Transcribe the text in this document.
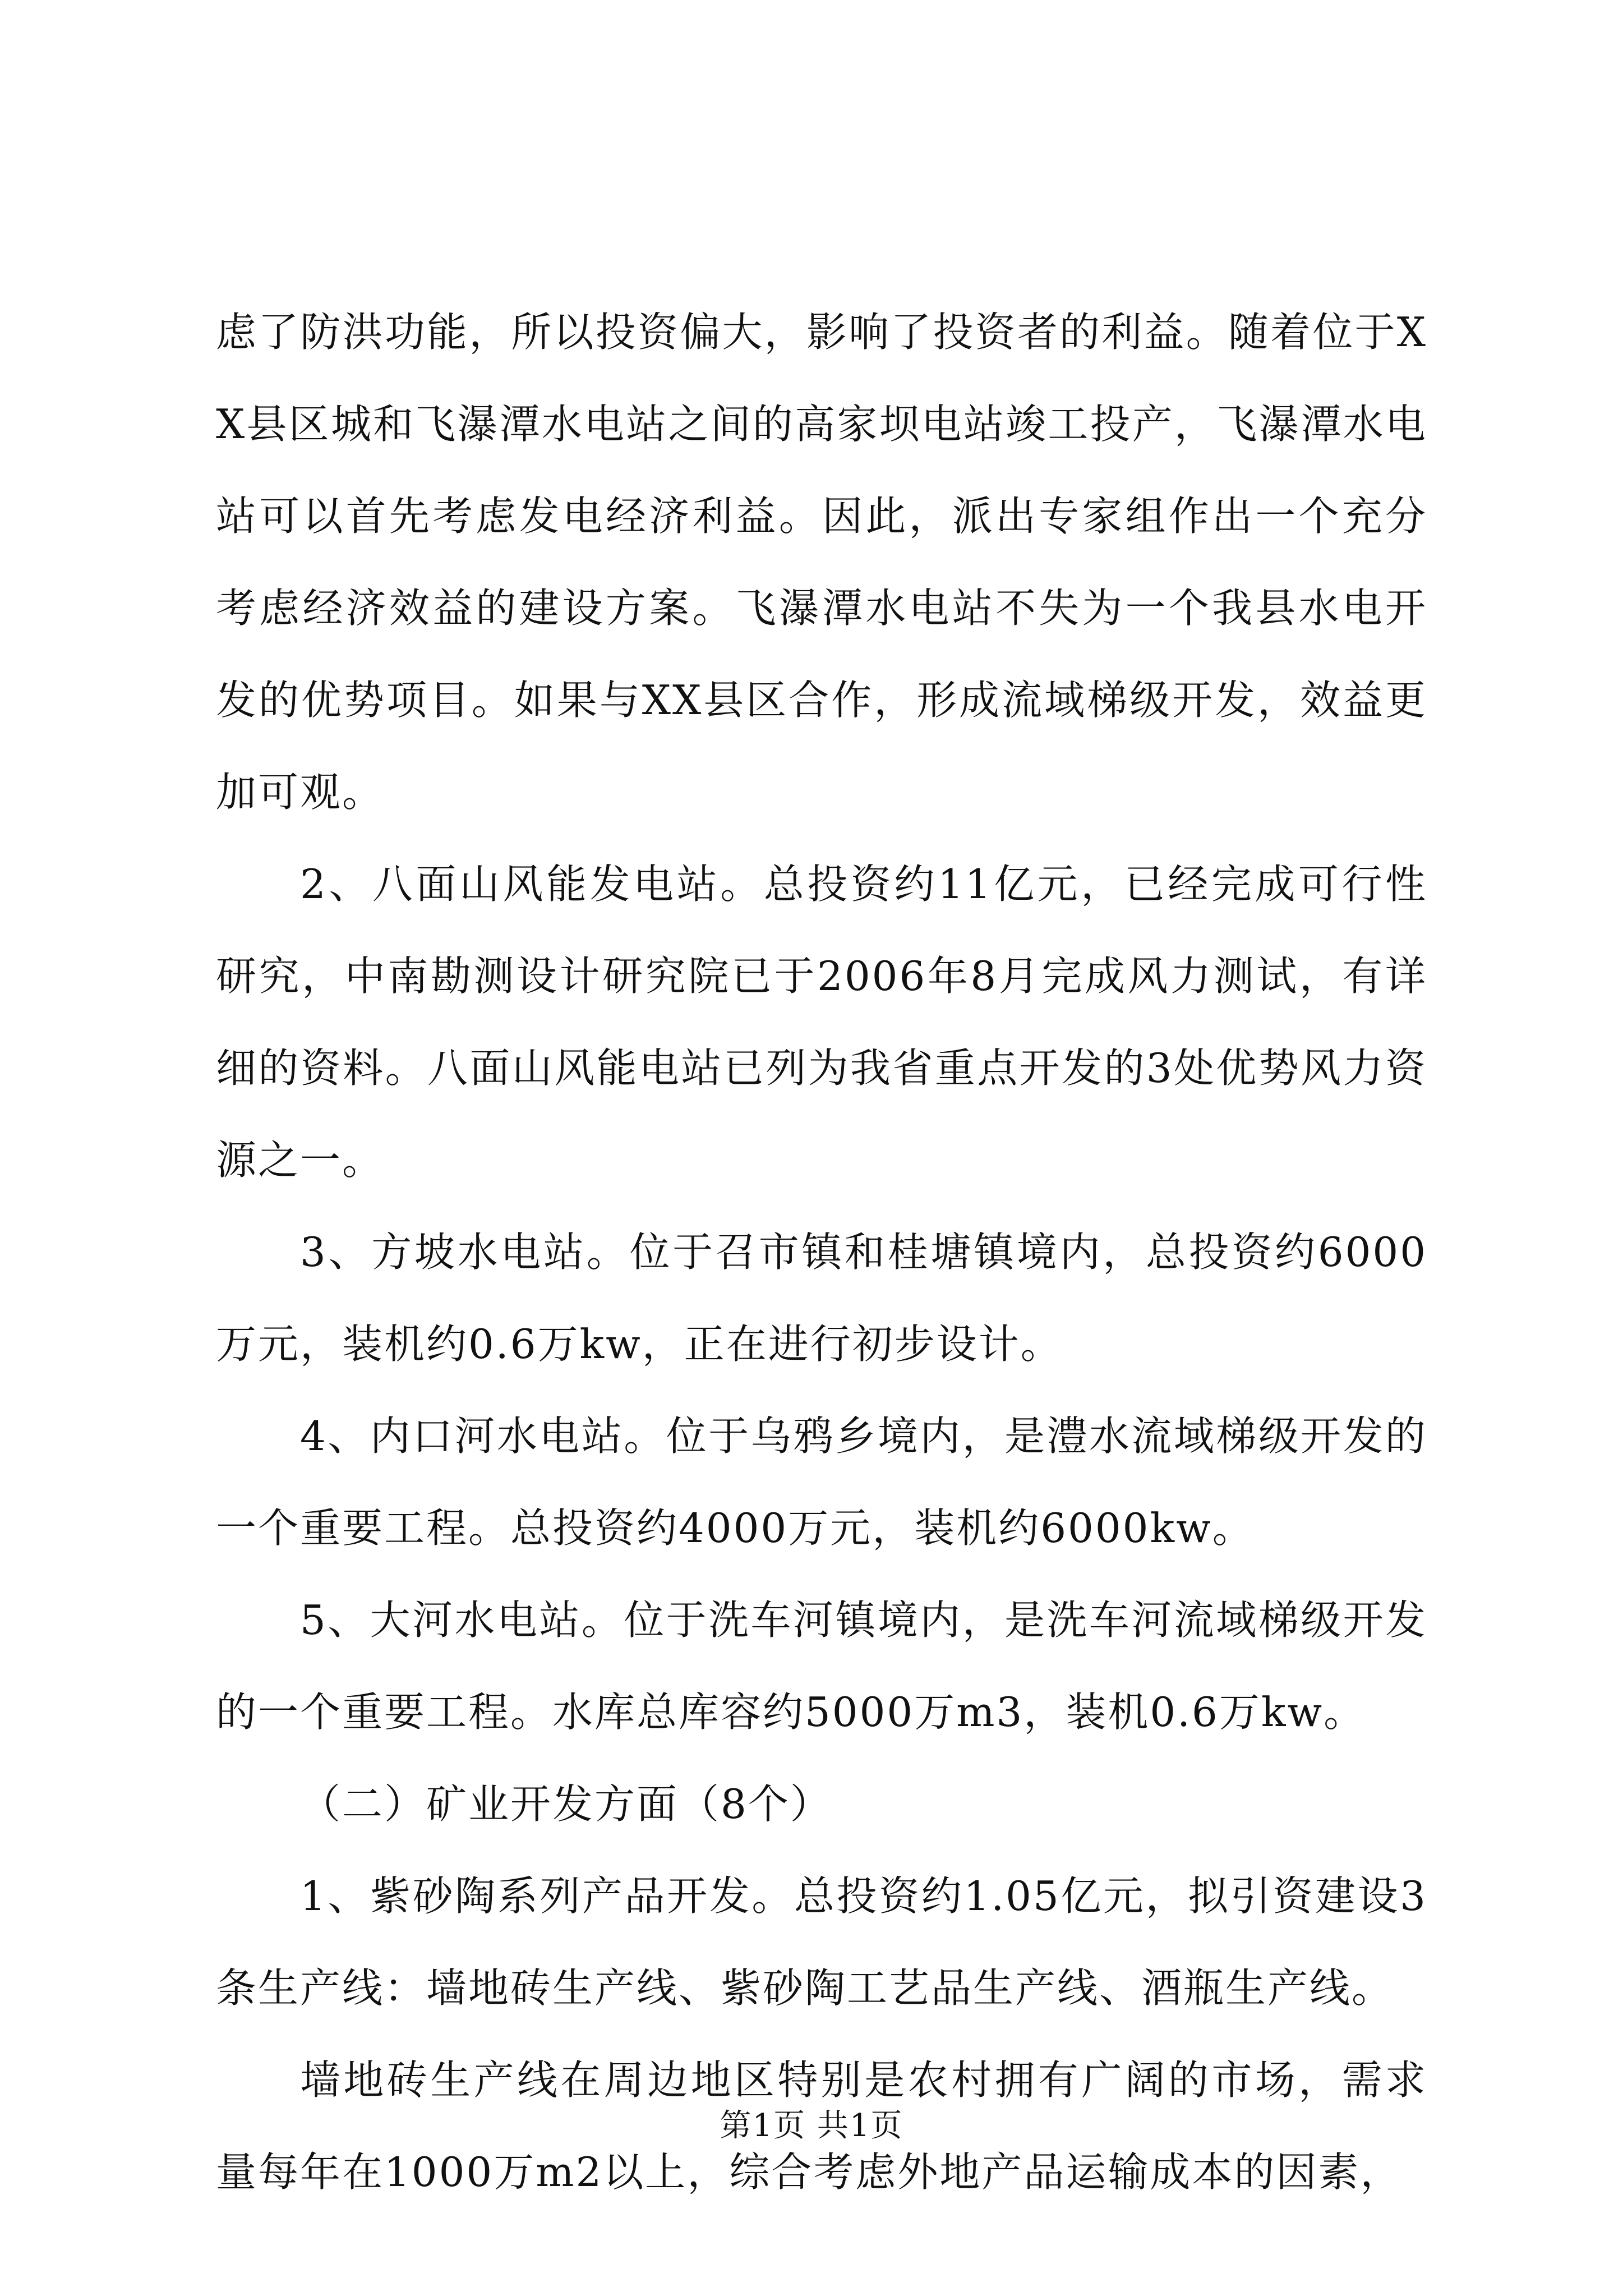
虑了防洪功能，所以投资偏大，影响了投资者的利益。随着位于XX县区城和飞瀑潭水电站之间的高家坝电站竣工投产，飞瀑潭水电站可以首先考虑发电经济利益。因此，派出专家组作出一个充分考虑经济效益的建设方案。飞瀑潭水电站不失为一个我县水电开发的优势项目。如果与XX县区合作，形成流域梯级开发，效益更加可观。

2、八面山风能发电站。总投资约11亿元，已经完成可行性研究，中南勘测设计研究院已于2006年8月完成风力测试，有详细的资料。八面山风能电站已列为我省重点开发的3处优势风力资源之一。

3、方坡水电站。位于召市镇和桂塘镇境内，总投资约6000万元，装机约0.6万kw，正在进行初步设计。

4、内口河水电站。位于乌鸦乡境内，是澧水流域梯级开发的一个重要工程。总投资约4000万元，装机约6000kw。

5、大河水电站。位于洗车河镇境内，是洗车河流域梯级开发的一个重要工程。水库总库容约5000万m3，装机0.6万kw。

（二）矿业开发方面（8个）

1、紫砂陶系列产品开发。总投资约1.05亿元，拟引资建设3条生产线：墙地砖生产线、紫砂陶工艺品生产线、酒瓶生产线。

墙地砖生产线在周边地区特别是农村拥有广阔的市场，需求量每年在1000万m2以上，综合考虑外地产品运输成本的因素，

第1页 共1页
